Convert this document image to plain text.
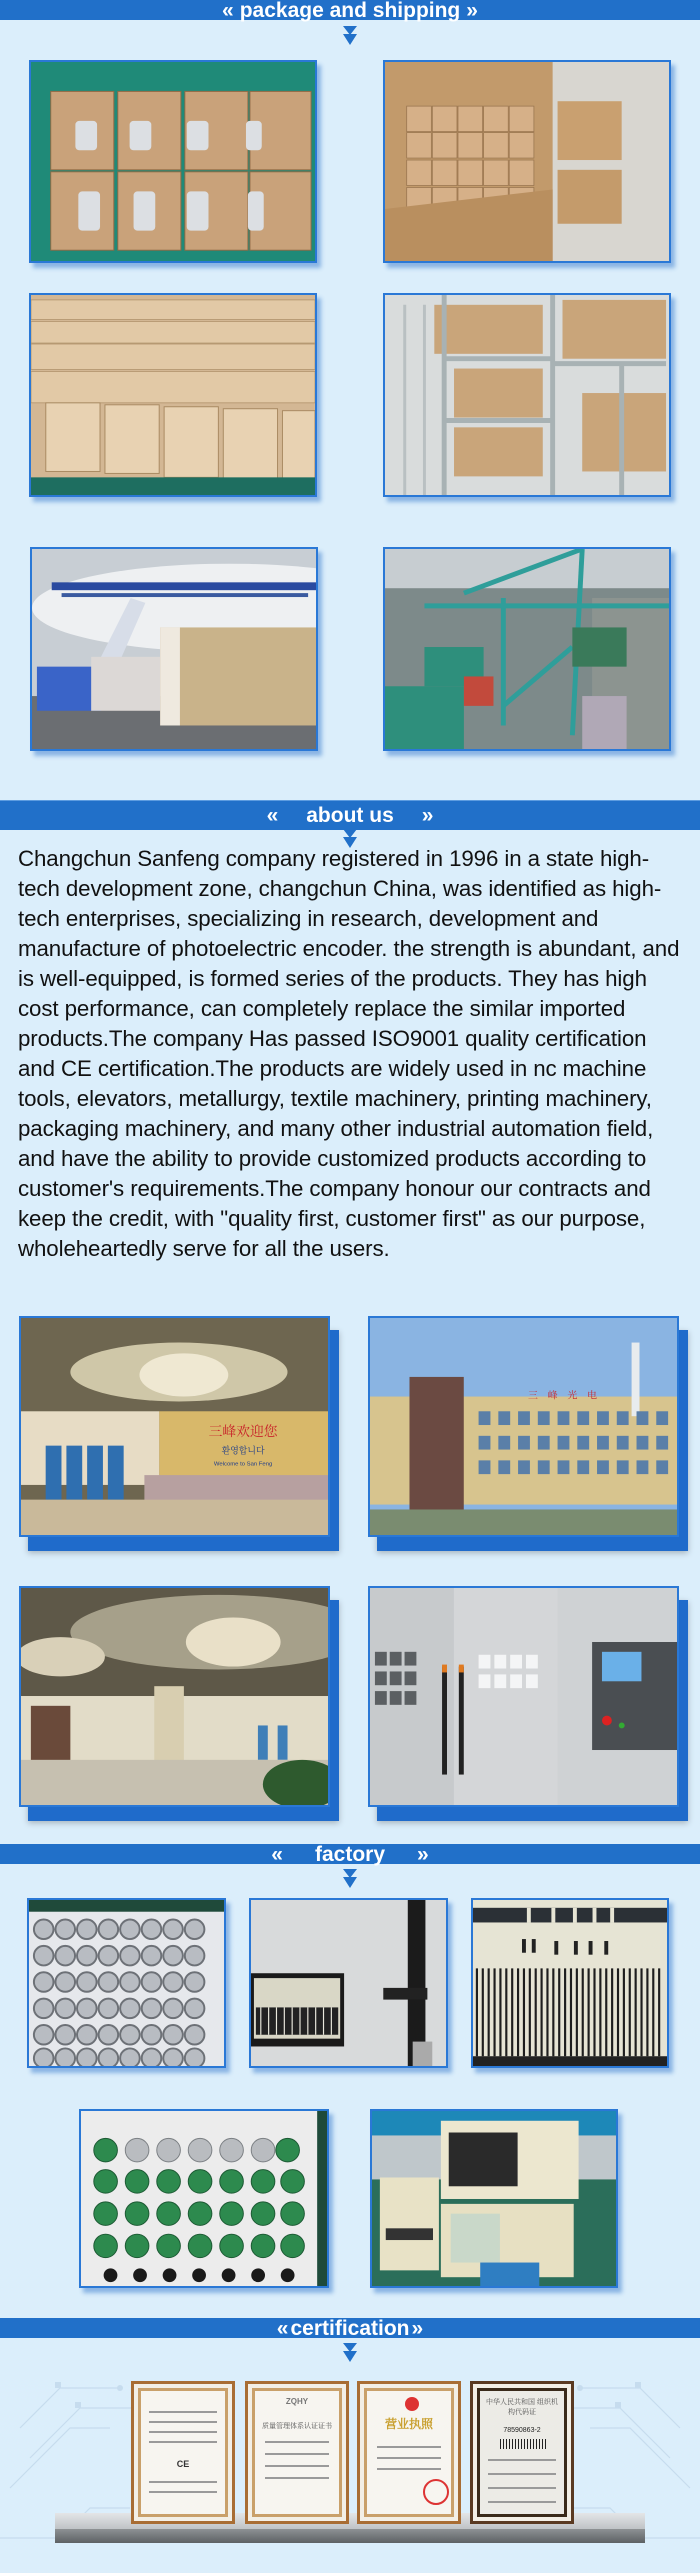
« package and shipping »
« about us »

Changchun Sanfeng company registered in 1996 in a state high-tech development zone, changchun China, was identified as high-tech enterprises, specializing in research, development and manufacture of photoelectric encoder. the strength is abundant, and is well-equipped, is formed series of the products. They has high cost performance, can completely replace the similar imported products.The company Has passed ISO9001 quality certification and CE certification.The products are widely used in nc machine tools, elevators, metallurgy, textile machinery, printing machinery, packaging machinery, and many other industrial automation field, and have the ability to provide customized products according to customer's requirements.The company honour our contracts and keep the credit, with "quality first, customer first" as our purpose, wholeheartedly serve for all the users.

三峰欢迎您
환영합니다
Welcome to San Feng
三峰光电
« factory »
« certification »
CE
ZQHY
质量管理体系认证证书	营业执照
中华人民共和国 组织机构代码证
78590863-2
